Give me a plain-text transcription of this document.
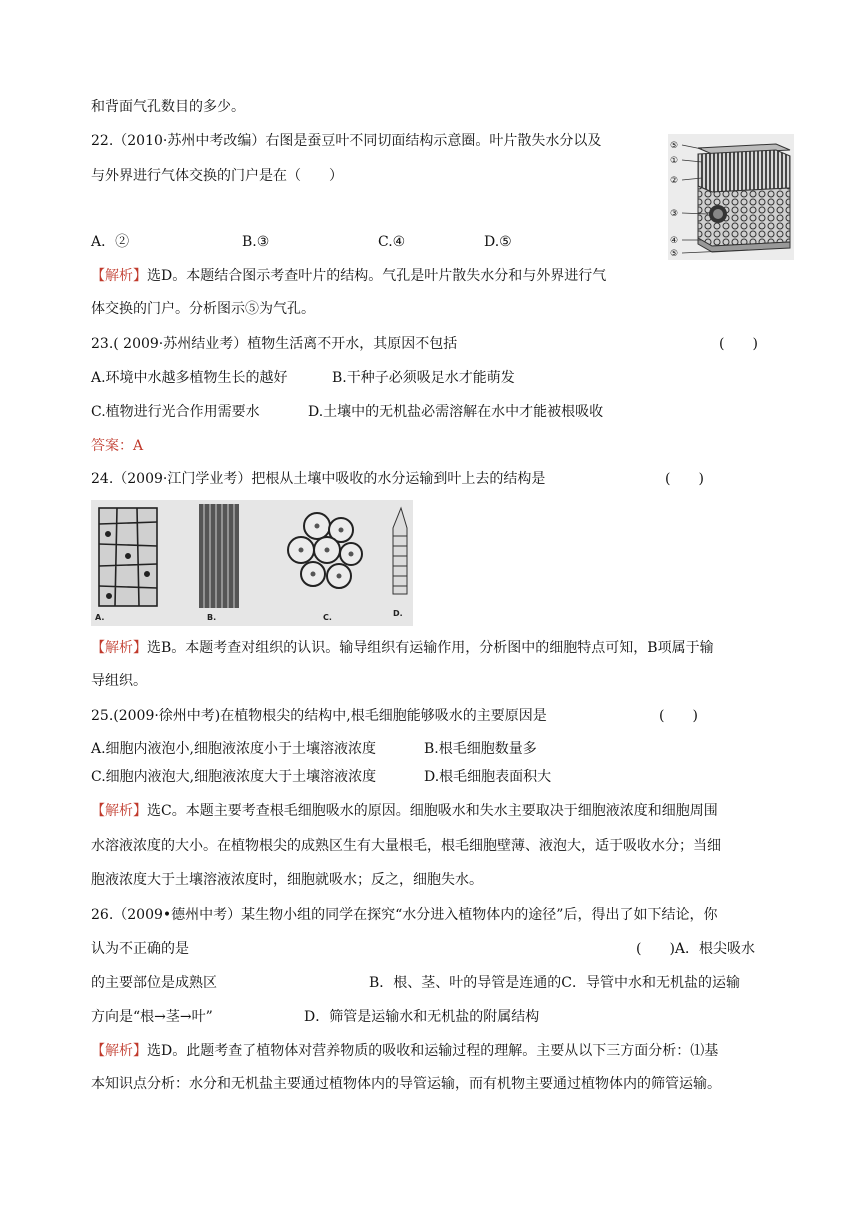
和背面气孔数目的多少。
22.（2010·苏州中考改编）右图是蚕豆叶不同切面结构示意圈。叶片散失水分以及
与外界进行气体交换的门户是在（　　）
A．②	B.③	C.④	D.⑤
【解析】选D。本题结合图示考查叶片的结构。气孔是叶片散失水分和与外界进行气
体交换的门户。分析图示⑤为气孔。
⑤
①
②
③
④
⑤
23.( 2009·苏州结业考）植物生活离不开水，其原因不包括	(　　)
A.环境中水越多植物生长的越好	B.干种子必须吸足水才能萌发
C.植物进行光合作用需要水	D.土壤中的无机盐必需溶解在水中才能被根吸收
答案：A
24.（2009·江门学业考）把根从土壤中吸收的水分运输到叶上去的结构是	(　　)
A.	B.	C.	D.
【解析】选B。本题考查对组织的认识。输导组织有运输作用，分析图中的细胞特点可知，B项属于输
导组织。
25.(2009·徐州中考)在植物根尖的结构中,根毛细胞能够吸水的主要原因是	(　　)
A.细胞内液泡小,细胞液浓度小于土壤溶液浓度	B.根毛细胞数量多
C.细胞内液泡大,细胞液浓度大于土壤溶液浓度	D.根毛细胞表面积大
【解析】选C。本题主要考查根毛细胞吸水的原因。细胞吸水和失水主要取决于细胞液浓度和细胞周围
水溶液浓度的大小。在植物根尖的成熟区生有大量根毛，根毛细胞壁薄、液泡大，适于吸收水分；当细
胞液浓度大于土壤溶液浓度时，细胞就吸水；反之，细胞失水。
26.（2009•德州中考）某生物小组的同学在探究“水分进入植物体内的途径”后，得出了如下结论，你
认为不正确的是	(　　)A．根尖吸水
的主要部位是成熟区	B．根、茎、叶的导管是连通的C．导管中水和无机盐的运输
方向是“根→茎→叶”	D．筛管是运输水和无机盐的附属结构
【解析】选D。此题考查了植物体对营养物质的吸收和运输过程的理解。主要从以下三方面分析：⑴基
本知识点分析：水分和无机盐主要通过植物体内的导管运输，而有机物主要通过植物体内的筛管运输。
